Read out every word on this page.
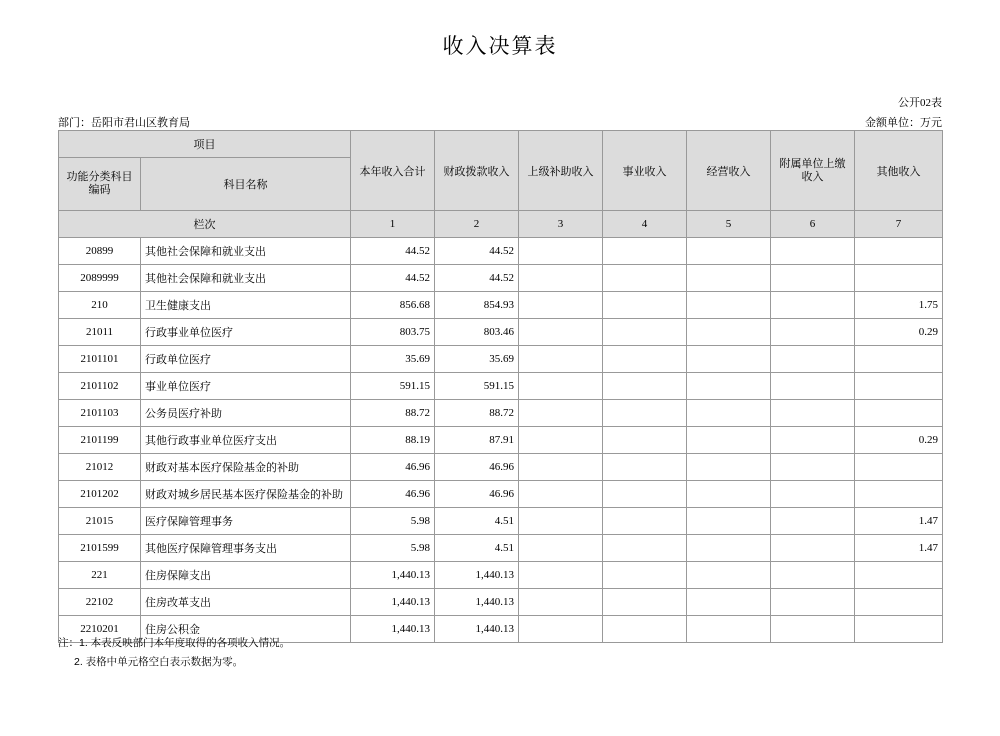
收入决算表
公开02表
金额单位：万元
部门：岳阳市君山区教育局
项目		本年收入合计	财政拨款收入	上级补助收入	事业收入	经营收入	附属单位上缴收入	其他收入
功能分类科目编码	科目名称							
栏次		1	2	3	4	5	6	7
20899	其他社会保障和就业支出	44.52	44.52					
2089999	其他社会保障和就业支出	44.52	44.52					
210	卫生健康支出	856.68	854.93					1.75
21011	行政事业单位医疗	803.75	803.46					0.29
2101101	行政单位医疗	35.69	35.69					
2101102	事业单位医疗	591.15	591.15					
2101103	公务员医疗补助	88.72	88.72					
2101199	其他行政事业单位医疗支出	88.19	87.91					0.29
21012	财政对基本医疗保险基金的补助	46.96	46.96					
2101202	财政对城乡居民基本医疗保险基金的补助	46.96	46.96					
21015	医疗保障管理事务	5.98	4.51					1.47
2101599	其他医疗保障管理事务支出	5.98	4.51					1.47
221	住房保障支出	1,440.13	1,440.13					
22102	住房改革支出	1,440.13	1,440.13					
2210201	住房公积金	1,440.13	1,440.13					
注：1. 本表反映部门本年度取得的各项收入情况。
2. 表格中单元格空白表示数据为零。
